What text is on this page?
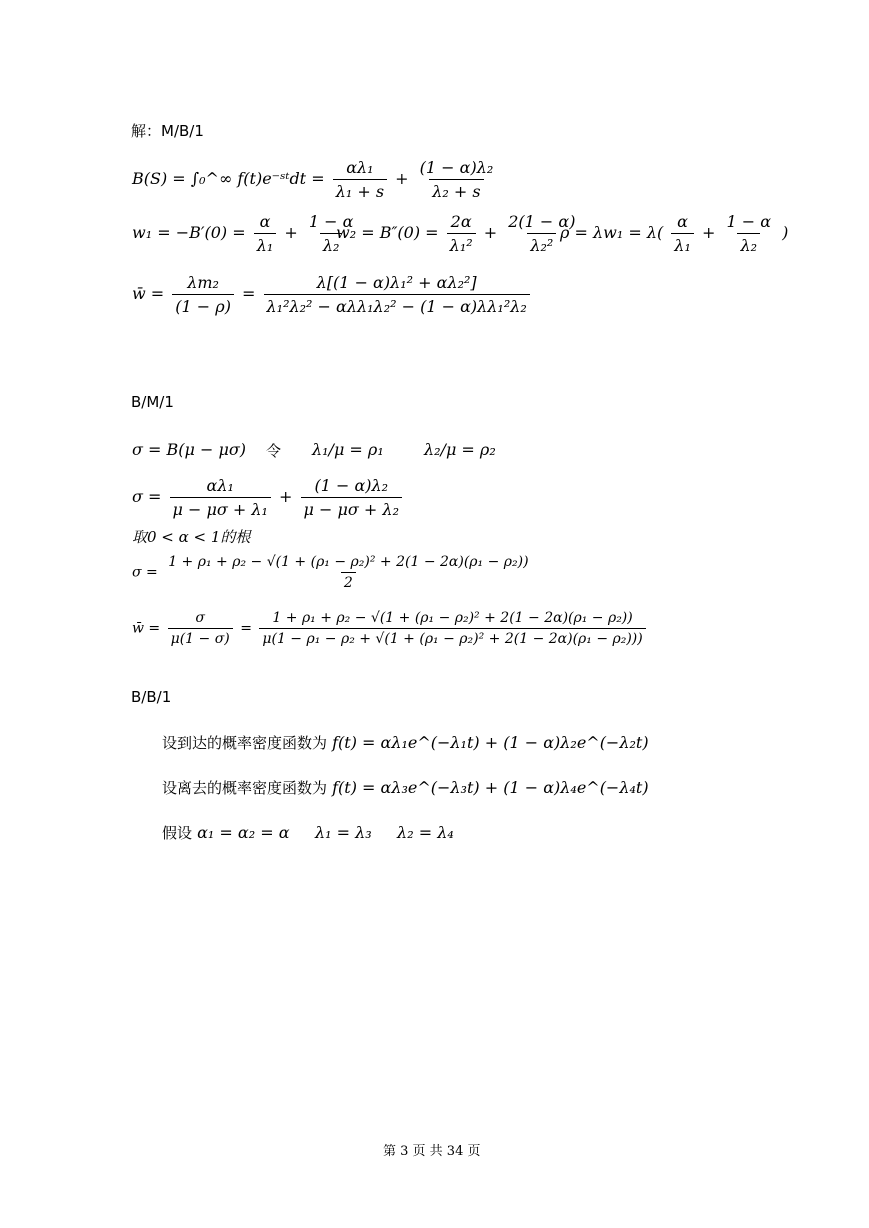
解：M/B/1
B(S) = ∫₀^∞ f(t)e⁻ˢᵗdt = $\frac{\text{αλ₁}}{\text{λ₁ + s}} + \frac{\text{(1 − α)λ₂}}{\text{λ₂ + s}}$
$w_1 = -B'(0) = \frac{\alpha}{\text{λ₁}} + \frac{1 - \alpha}{\text{λ₂}}$
$w_2 = B''(0) = \frac{2\alpha}{\text{λ₁²}} + \frac{2(1 - \alpha)}{\text{λ₂²}}$
$\rho = \lambda w_1 = \lambda( \frac{\alpha}{\text{λ₁}} + \frac{1 - \alpha}{\text{λ₂}}$ )
w̄ = $\frac{\text{λm₂}}{(1 - \rho)} = \frac{\text{λ[(1 − α)λ₁² + αλ₂²]}}{\text{λ₁²λ₂² − αλλ₁λ₂² − (1 − α)λλ₁²λ₂}}$
B/M/1
σ = B(μ − μσ) 令 λ₁/μ = ρ₁	λ₂/μ = ρ₂
$\sigma = \frac{\text{αλ₁}}{\text{μ − μσ + λ₁}} + \frac{\text{(1 − α)λ₂}}{\text{μ − μσ + λ₂}}$
取0 < α < 1的根
$\sigma = \frac{\text{1 + ρ₁ + ρ₂ − √(1 + (ρ₁ − ρ₂)² + 2(1 − 2α)(ρ₁ − ρ₂))}}{2}$
w̄ = $\frac{\sigma}{\mu(1 - \sigma)} = \frac{\text{1 + ρ₁ + ρ₂ − √(1 + (ρ₁ − ρ₂)² + 2(1 − 2α)(ρ₁ − ρ₂))}}{\text{μ(1 − ρ₁ − ρ₂ + √(1 + (ρ₁ − ρ₂)² + 2(1 − 2α)(ρ₁ − ρ₂)))}}$
B/B/1
设到达的概率密度函数为 f(t) = αλ₁e^(−λ₁t) + (1 − α)λ₂e^(−λ₂t)
设离去的概率密度函数为 f(t) = αλ₃e^(−λ₃t) + (1 − α)λ₄e^(−λ₄t)
假设 α₁ = α₂ = α     λ₁ = λ₃     λ₂ = λ₄
第 3 页 共 34 页
